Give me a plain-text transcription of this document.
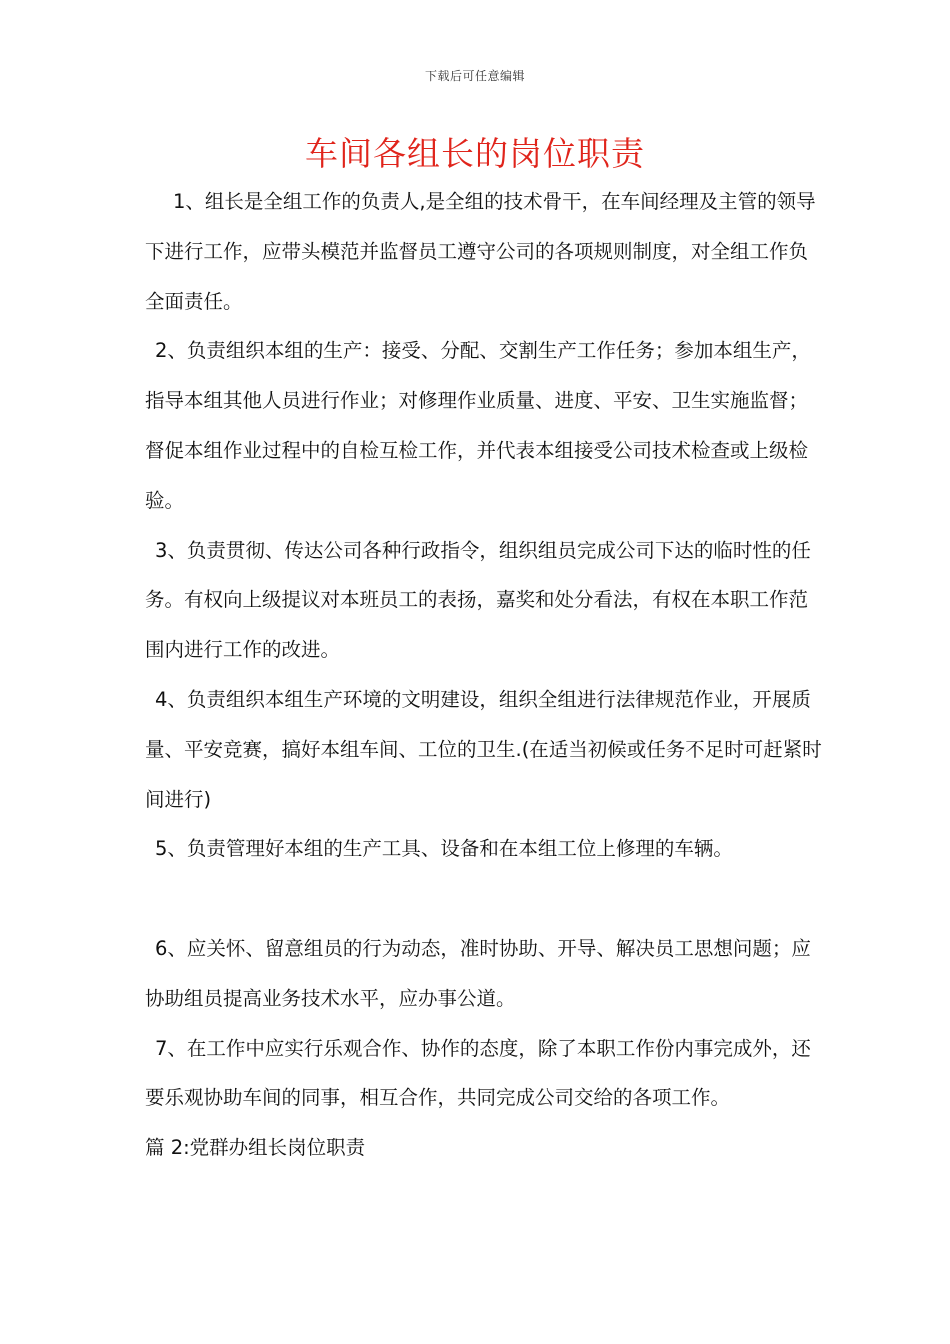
下载后可任意编辑
车间各组长的岗位职责

1、组长是全组工作的负责人,是全组的技术骨干，在车间经理及主管的领导下进行工作，应带头模范并监督员工遵守公司的各项规则制度，对全组工作负全面责任。

2、负责组织本组的生产：接受、分配、交割生产工作任务；参加本组生产，指导本组其他人员进行作业；对修理作业质量、进度、平安、卫生实施监督；督促本组作业过程中的自检互检工作，并代表本组接受公司技术检查或上级检验。

3、负责贯彻、传达公司各种行政指令，组织组员完成公司下达的临时性的任务。有权向上级提议对本班员工的表扬，嘉奖和处分看法，有权在本职工作范围内进行工作的改进。

4、负责组织本组生产环境的文明建设，组织全组进行法律规范作业，开展质量、平安竞赛，搞好本组车间、工位的卫生.(在适当初候或任务不足时可赶紧时间进行)

5、负责管理好本组的生产工具、设备和在本组工位上修理的车辆。

6、应关怀、留意组员的行为动态，准时协助、开导、解决员工思想问题；应协助组员提高业务技术水平，应办事公道。

7、在工作中应实行乐观合作、协作的态度，除了本职工作份内事完成外，还要乐观协助车间的同事，相互合作，共同完成公司交给的各项工作。

篇 2:党群办组长岗位职责
